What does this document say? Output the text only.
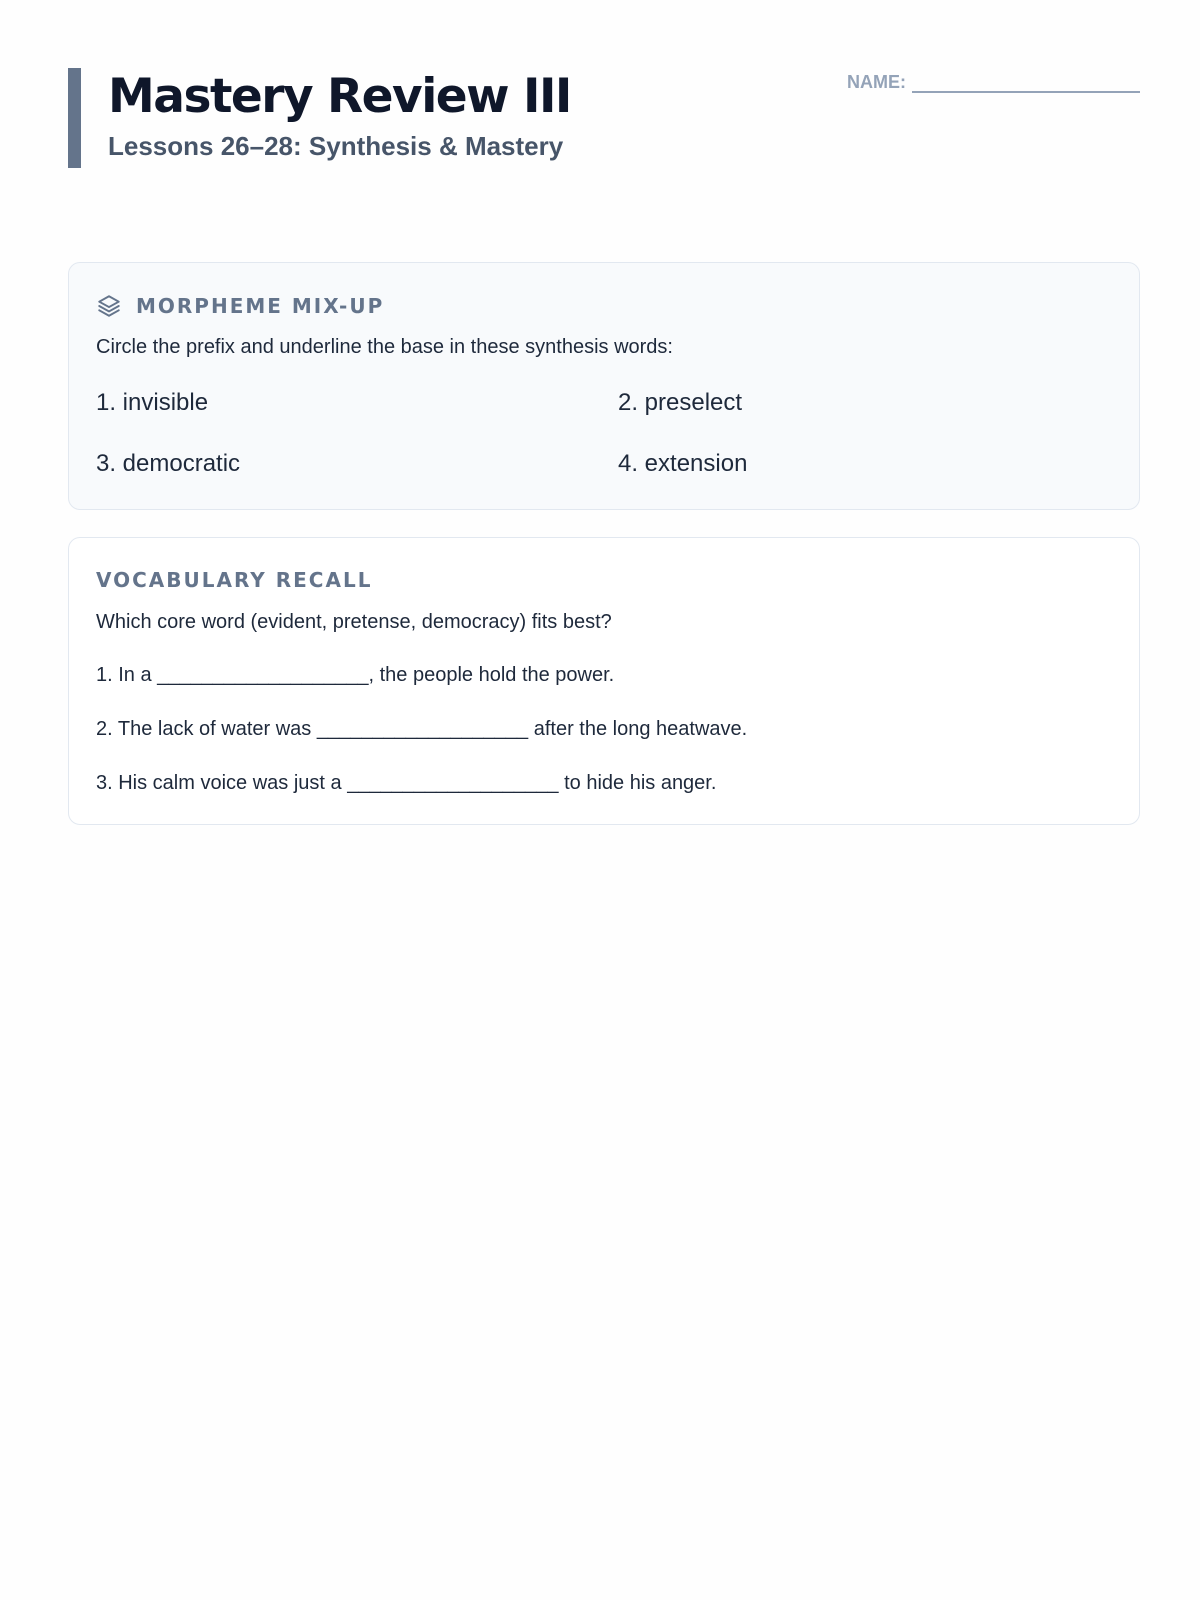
Mastery Review III
Lessons 26–28: Synthesis & Mastery
NAME:
MORPHEME MIX-UP

Circle the prefix and underline the base in these synthesis words:

1. invisible	2. preselect

3. democratic	4. extension

VOCABULARY RECALL

Which core word (evident, pretense, democracy) fits best?

1. In a ___________________, the people hold the power.

2. The lack of water was ___________________ after the long heatwave.

3. His calm voice was just a ___________________ to hide his anger.
